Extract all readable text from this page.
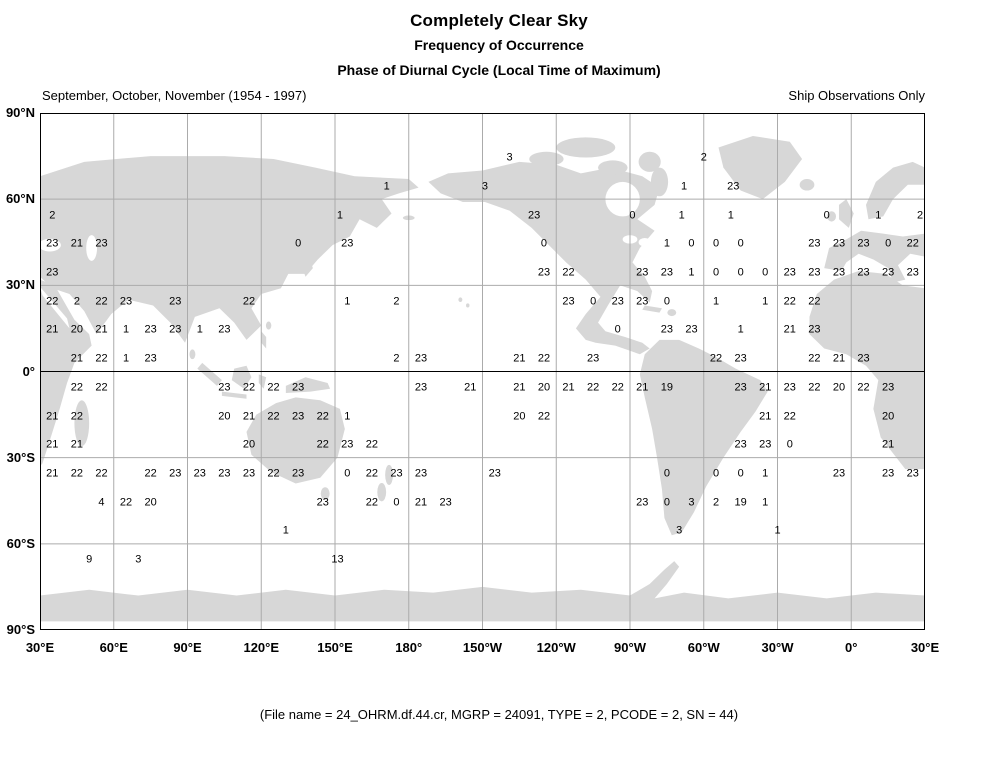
Completely Clear Sky
Frequency of Occurrence
Phase of Diurnal Cycle (Local Time of Maximum)
September, October, November (1954 - 1997)	Ship Observations Only
3	2
1	3	1	23
2	1	23	0	1	1	0	1	2
23 21 23	0	23	0	1 0 0 0	23 23 23 0 22
23	23 22	23 23 1 0 0 0 23 23 23 23 23 23
22 2 22 23	23	22	1	2	23 0 23 23 0	1	1 22 22
21 20 21 1 23 23 1 23	0	23 23	1	21 23
21 22 1 23	2 23	21 22	23	22 23	22 21 23
22 22	23 22 22 23	23	21	21 20 21 22 22 21 19	23 21 23 22 20 22 23
21 22	20 21 22 23 22 1	20 22	21 22	20
21 21	20	22 23 22	23 23 0	21
21 22 22	22 23 23 23 23 22 23	0 22 23 23	23	0	0 0 1	23	23 23
4 22 20	23	22 0 21 23	23 0 3 2 19 1
1	3	1
9	3	13
90°N
60°N
30°N
0°
30°S
60°S
90°S
30°E	60°E	90°E	120°E	150°E	180°	150°W	120°W	90°W	60°W	30°W	0°	30°E
(File name = 24_OHRM.df.44.cr, MGRP = 24091, TYPE = 2, PCODE = 2, SN = 44)
